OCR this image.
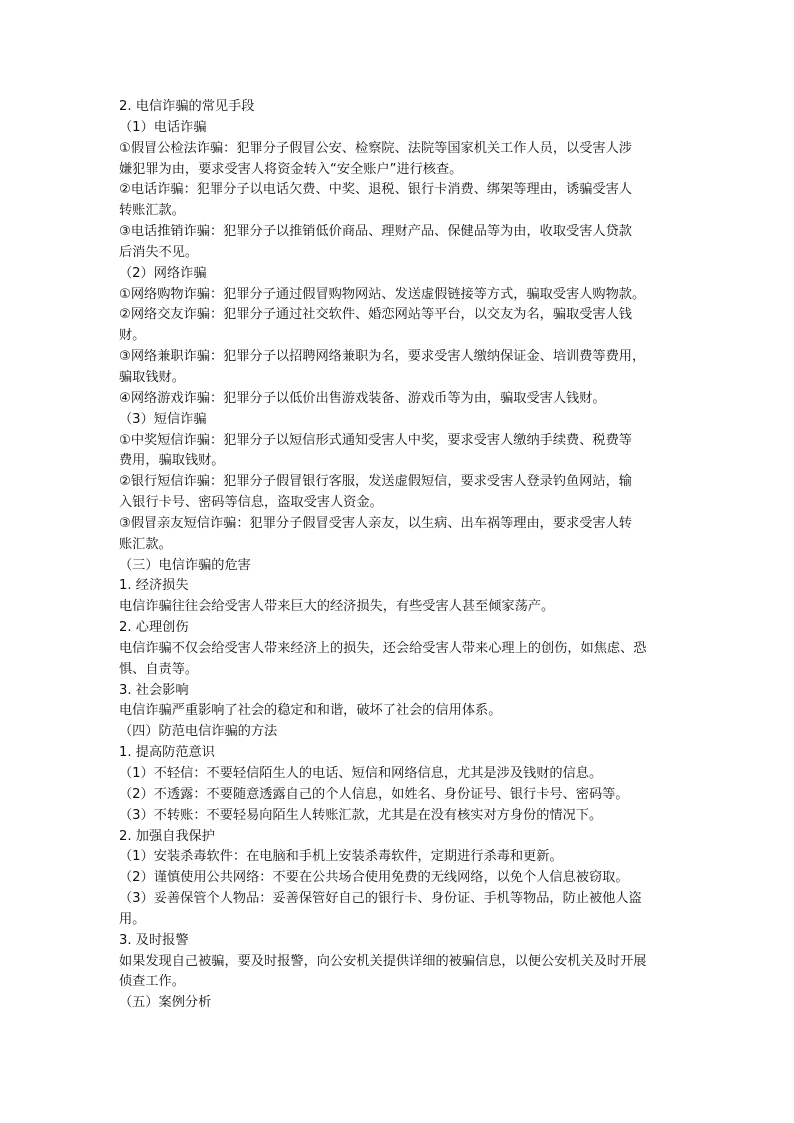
2. 电信诈骗的常见手段
（1）电话诈骗
①假冒公检法诈骗：犯罪分子假冒公安、检察院、法院等国家机关工作人员，以受害人涉
嫌犯罪为由，要求受害人将资金转入“安全账户”进行核查。
②电话诈骗：犯罪分子以电话欠费、中奖、退税、银行卡消费、绑架等理由，诱骗受害人
转账汇款。
③电话推销诈骗：犯罪分子以推销低价商品、理财产品、保健品等为由，收取受害人贷款
后消失不见。
（2）网络诈骗
①网络购物诈骗：犯罪分子通过假冒购物网站、发送虚假链接等方式，骗取受害人购物款。
②网络交友诈骗：犯罪分子通过社交软件、婚恋网站等平台，以交友为名，骗取受害人钱
财。
③网络兼职诈骗：犯罪分子以招聘网络兼职为名，要求受害人缴纳保证金、培训费等费用，
骗取钱财。
④网络游戏诈骗：犯罪分子以低价出售游戏装备、游戏币等为由，骗取受害人钱财。
（3）短信诈骗
①中奖短信诈骗：犯罪分子以短信形式通知受害人中奖，要求受害人缴纳手续费、税费等
费用，骗取钱财。
②银行短信诈骗：犯罪分子假冒银行客服，发送虚假短信，要求受害人登录钓鱼网站，输
入银行卡号、密码等信息，盗取受害人资金。
③假冒亲友短信诈骗：犯罪分子假冒受害人亲友，以生病、出车祸等理由，要求受害人转
账汇款。
（三）电信诈骗的危害
1. 经济损失
电信诈骗往往会给受害人带来巨大的经济损失，有些受害人甚至倾家荡产。
2. 心理创伤
电信诈骗不仅会给受害人带来经济上的损失，还会给受害人带来心理上的创伤，如焦虑、恐
惧、自责等。
3. 社会影响
电信诈骗严重影响了社会的稳定和和谐，破坏了社会的信用体系。
（四）防范电信诈骗的方法
1. 提高防范意识
（1）不轻信：不要轻信陌生人的电话、短信和网络信息，尤其是涉及钱财的信息。
（2）不透露：不要随意透露自己的个人信息，如姓名、身份证号、银行卡号、密码等。
（3）不转账：不要轻易向陌生人转账汇款，尤其是在没有核实对方身份的情况下。
2. 加强自我保护
（1）安装杀毒软件：在电脑和手机上安装杀毒软件，定期进行杀毒和更新。
（2）谨慎使用公共网络：不要在公共场合使用免费的无线网络，以免个人信息被窃取。
（3）妥善保管个人物品：妥善保管好自己的银行卡、身份证、手机等物品，防止被他人盗
用。
3. 及时报警
如果发现自己被骗，要及时报警，向公安机关提供详细的被骗信息，以便公安机关及时开展
侦查工作。
（五）案例分析
